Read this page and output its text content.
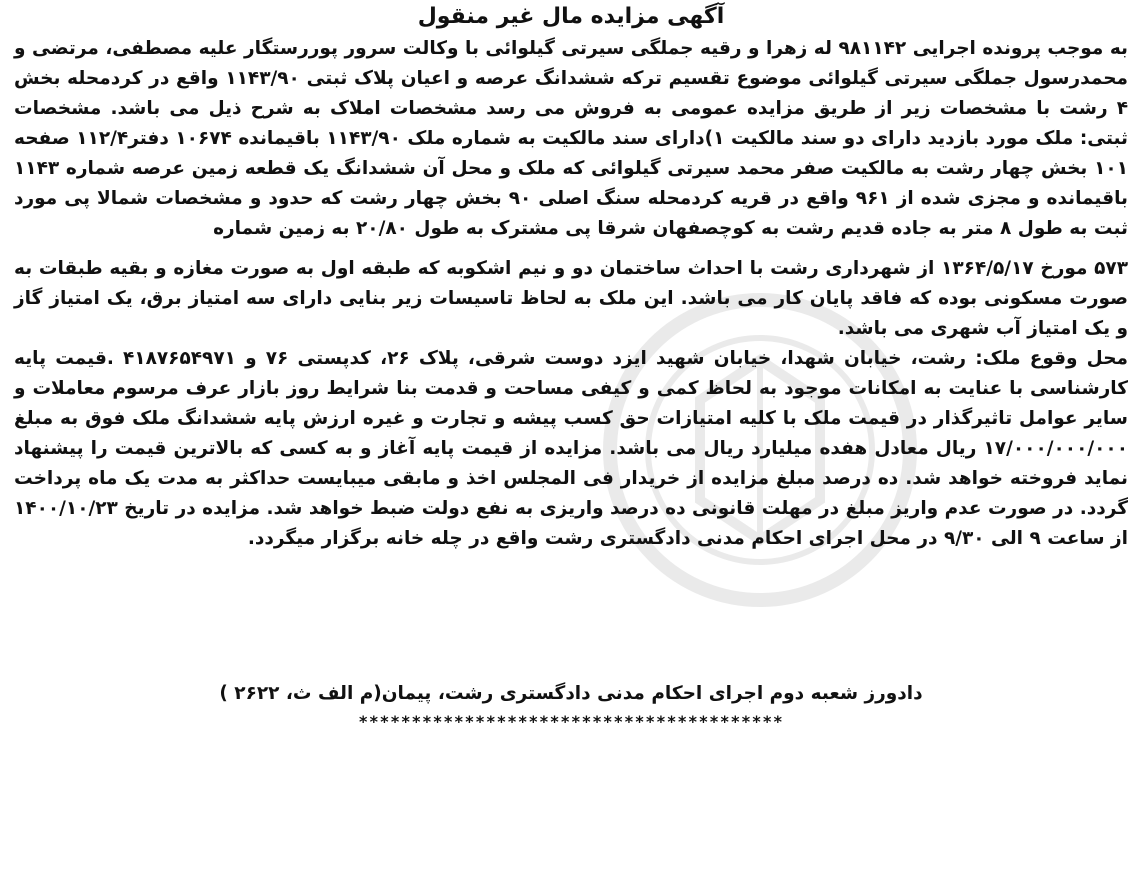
آگهی مزایده مال غیر منقول

به موجب پرونده اجرایی ۹۸۱۱۴۲ له زهرا و رقیه جملگی سیرتی گیلوائی با وکالت سرور پوررستگار علیه مصطفی، مرتضی و محمدرسول جملگی سیرتی گیلوائی موضوع تقسیم ترکه ششدانگ عرصه و اعیان پلاک ثبتی ۱۱۴۳/۹۰ واقع در کردمحله بخش ۴ رشت با مشخصات زیر از طریق مزایده عمومی به فروش می رسد مشخصات املاک به شرح ذیل می باشد. مشخصات ثبتی: ملک مورد بازدید دارای دو سند مالکیت ۱)دارای سند مالکیت به شماره ملک ۱۱۴۳/۹۰ باقیمانده ۱۰۶۷۴ دفتر۱۱۲/۴ صفحه ۱۰۱ بخش چهار رشت به مالکیت صفر محمد سیرتی گیلوائی که ملک و محل آن ششدانگ یک قطعه زمین عرصه شماره ۱۱۴۳ باقیمانده و مجزی شده از ۹۶۱ واقع در قریه کردمحله سنگ اصلی ۹۰ بخش چهار رشت که حدود و مشخصات شمالا پی مورد ثبت به طول ۸ متر به جاده قدیم رشت به کوچصفهان شرقا پی مشترک به طول ۲۰/۸۰ به زمین شماره

۵۷۳ مورخ ۱۳۶۴/۵/۱۷ از شهرداری رشت با احداث ساختمان دو و نیم اشکوبه که طبقه اول به صورت مغازه و بقیه طبقات به صورت مسکونی بوده که فاقد پایان کار می باشد. این ملک به لحاظ تاسیسات زیر بنایی دارای سه امتیاز برق، یک امتیاز گاز و یک امتیاز آب شهری می باشد.

محل وقوع ملک: رشت، خیابان شهدا، خیابان شهید ایزد دوست شرقی، پلاک ۲۶، کدپستی ۷۶ و ۴۱۸۷۶۵۴۹۷۱ .قیمت پایه کارشناسی با عنایت به امکانات موجود به لحاظ کمی و کیفی مساحت و قدمت بنا شرایط روز بازار عرف مرسوم معاملات و سایر عوامل تاثیرگذار در قیمت ملک با کلیه امتیازات حق کسب پیشه و تجارت و غیره ارزش پایه ششدانگ ملک فوق به مبلغ ۱۷/۰۰۰/۰۰۰/۰۰۰ ریال معادل هفده میلیارد ریال می باشد. مزایده از قیمت پایه آغاز و به کسی که بالاترین قیمت را پیشنهاد نماید فروخته خواهد شد. ده درصد مبلغ مزایده از خریدار فی المجلس اخذ و مابقی میبایست حداکثر به مدت یک ماه پرداخت گردد. در صورت عدم واریز مبلغ در مهلت قانونی ده درصد واریزی به نفع دولت ضبط خواهد شد. مزایده در تاریخ ۱۴۰۰/۱۰/۲۳ از ساعت ۹ الی ۹/۳۰ در محل اجرای احکام مدنی دادگستری رشت واقع در چله خانه برگزار میگردد.

دادورز شعبه دوم اجرای احکام مدنی دادگستری رشت، پیمان(م الف ث، ۲۶۲۲ )
****************************************
